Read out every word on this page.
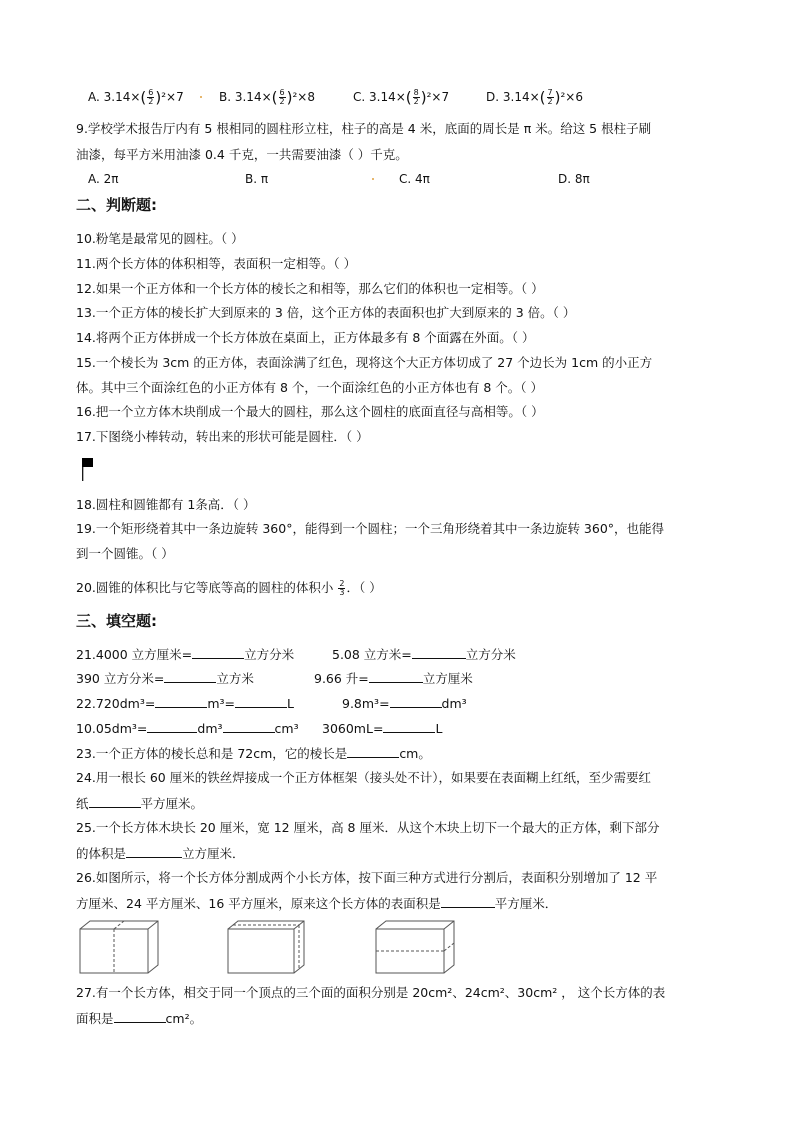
A. $3.14\times( \frac{6}{2} )^2\times 7$	B. $3.14\times( \frac{6}{2} )^2\times 8$	C. $3.14\times( \frac{8}{2} )^2\times 7$	D. $3.14\times( \frac{7}{2} )^2\times 6$
9.学校学术报告厅内有 5 根相同的圆柱形立柱，柱子的高是 4 米，底面的周长是 π 米。给这 5 根柱子刷
油漆，每平方米用油漆 0.4 千克，一共需要油漆（ ）千克。
A. 2π	B. π	C. 4π	D. 8π
二、判断题:
10.粉笔是最常见的圆柱。（ ）
11.两个长方体的体积相等，表面积一定相等。（ ）
12.如果一个正方体和一个长方体的棱长之和相等，那么它们的体积也一定相等。（ ）
13.一个正方体的棱长扩大到原来的 3 倍，这个正方体的表面积也扩大到原来的 3 倍。（ ）
14.将两个正方体拼成一个长方体放在桌面上，正方体最多有 8 个面露在外面。（ ）
15.一个棱长为 3cm 的正方体，表面涂满了红色，现将这个大正方体切成了 27 个边长为 1cm 的小正方
体。其中三个面涂红色的小正方体有 8 个，一个面涂红色的小正方体也有 8 个。（ ）
16.把一个立方体木块削成一个最大的圆柱，那么这个圆柱的底面直径与高相等。（ ）
17.下图绕小棒转动，转出来的形状可能是圆柱．（ ）
18.圆柱和圆锥都有 1条高．（ ）
19.一个矩形绕着其中一条边旋转 360°，能得到一个圆柱；一个三角形绕着其中一条边旋转 360°，也能得
到一个圆锥。（ ）
20.圆锥的体积比与它等底等高的圆柱的体积小 $\frac{2}{3}$ ．（ ）
三、填空题:
21.4000 立方厘米=	立方分米	5.08 立方米=	立方分米
390 立方分米=	立方米	9.66 升=	立方厘米
22.720dm³=	m³=	L	9.8m³=	dm³
10.05dm³=	dm³	cm³ 3060mL=	L
23.一个正方体的棱长总和是 72cm，它的棱长是	cm。
24.用一根长 60 厘米的铁丝焊接成一个正方体框架（接头处不计），如果要在表面糊上红纸，至少需要红
纸	平方厘米。
25.一个长方体木块长 20 厘米，宽 12 厘米，高 8 厘米．从这个木块上切下一个最大的正方体，剩下部分
的体积是	立方厘米．
26.如图所示，将一个长方体分割成两个小长方体，按下面三种方式进行分割后，表面积分别增加了 12 平
方厘米、24 平方厘米、16 平方厘米，原来这个长方体的表面积是	平方厘米．
27.有一个长方体，相交于同一个顶点的三个面的面积分别是 20cm²、24cm²、30cm² ， 这个长方体的表
面积是	cm²。
